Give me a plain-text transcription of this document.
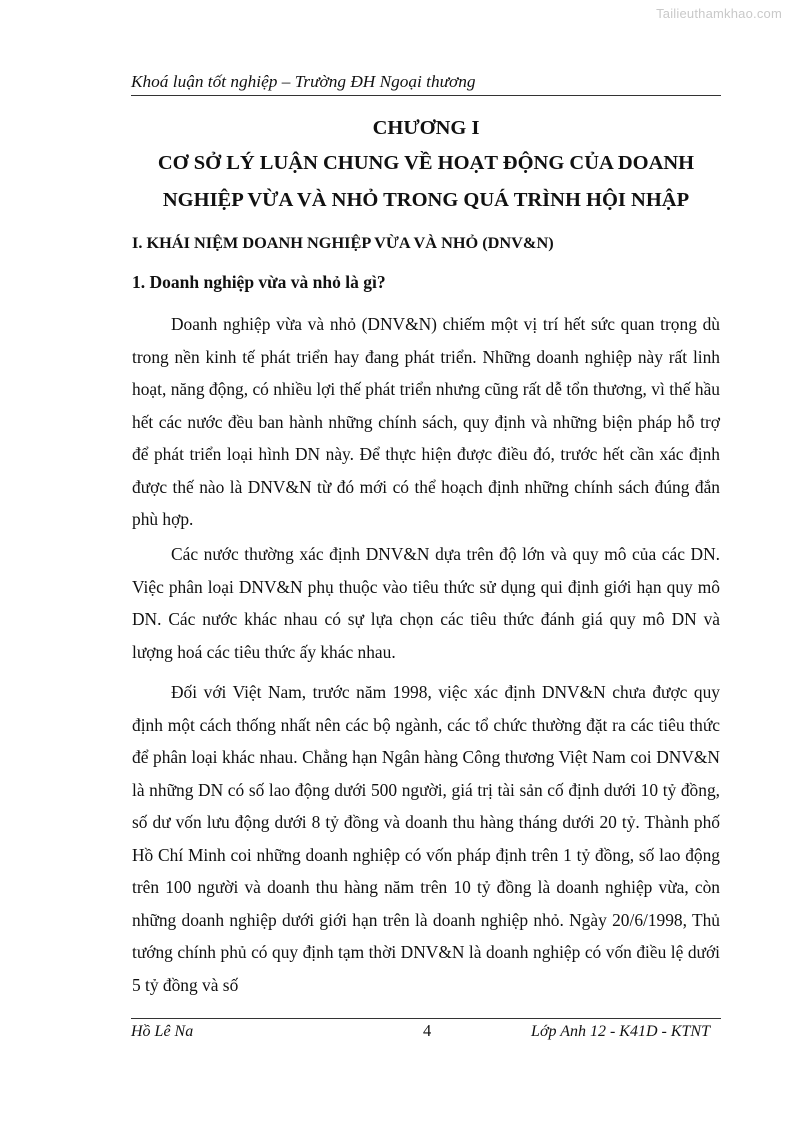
Tailieuthamkhao.com
Khoá luận tốt nghiệp – Trường ĐH Ngoại thương
CHƯƠNG I
CƠ SỞ LÝ LUẬN CHUNG VỀ HOẠT ĐỘNG CỦA DOANH
NGHIỆP VỪA VÀ NHỎ TRONG QUÁ TRÌNH HỘI NHẬP
I. KHÁI NIỆM DOANH NGHIỆP VỪA VÀ NHỎ (DNV&N)
1. Doanh nghiệp vừa và nhỏ là gì?

Doanh nghiệp vừa và nhỏ (DNV&N) chiếm một vị trí hết sức quan trọng dù trong nền kinh tế phát triển hay đang phát triển. Những doanh nghiệp này rất linh hoạt, năng động, có nhiều lợi thế phát triển nhưng cũng rất dễ tổn thương, vì thế hầu hết các nước đều ban hành những chính sách, quy định và những biện pháp hỗ trợ để phát triển loại hình DN này. Để thực hiện được điều đó, trước hết cần xác định được thế nào là DNV&N từ đó mới có thể hoạch định những chính sách đúng đắn phù hợp.

Các nước thường xác định DNV&N dựa trên độ lớn và quy mô của các DN. Việc phân loại DNV&N phụ thuộc vào tiêu thức sử dụng qui định giới hạn quy mô DN. Các nước khác nhau có sự lựa chọn các tiêu thức đánh giá quy mô DN và lượng hoá các tiêu thức ấy khác nhau.

Đối với Việt Nam, trước năm 1998, việc xác định DNV&N chưa được quy định một cách thống nhất nên các bộ ngành, các tổ chức thường đặt ra các tiêu thức để phân loại khác nhau. Chẳng hạn Ngân hàng Công thương Việt Nam coi DNV&N là những DN có số lao động dưới 500 người, giá trị tài sản cố định dưới 10 tỷ đồng, số dư vốn lưu động dưới 8 tỷ đồng và doanh thu hàng tháng dưới 20 tỷ. Thành phố Hồ Chí Minh coi những doanh nghiệp có vốn pháp định trên 1 tỷ đồng, số lao động trên 100 người và doanh thu hàng năm trên 10 tỷ đồng là doanh nghiệp vừa, còn những doanh nghiệp dưới giới hạn trên là doanh nghiệp nhỏ. Ngày 20/6/1998, Thủ tướng chính phủ có quy định tạm thời DNV&N là doanh nghiệp có vốn điều lệ dưới 5 tỷ đồng và số

Hồ Lê Na	4	Lớp Anh 12 - K41D - KTNT
